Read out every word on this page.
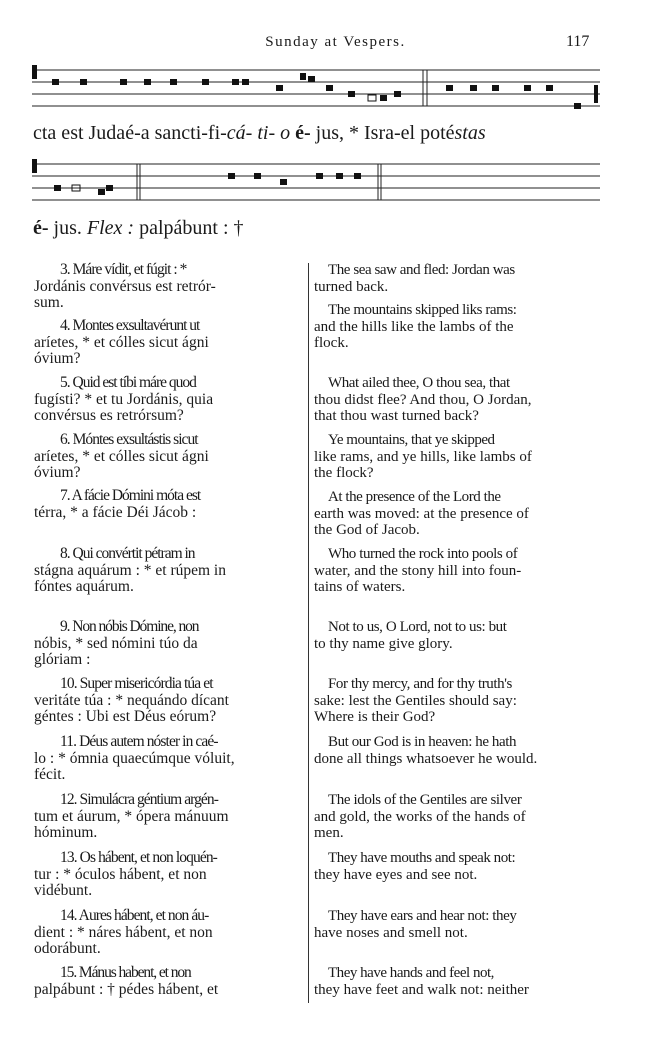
Sunday at Vespers.	117
cta est Judaé-a sancti-fi-cá- ti- o é- jus, * Isra-el potéstas
é- jus. Flex : palpábunt : †
3. Máre vídit, et fúgit : *
Jordánis convérsus est retrór-
sum.
4. Montes exsultavérunt ut
aríetes, * et cólles sicut ágni
óvium?
5. Quid est tíbi máre quod
fugísti? * et tu Jordánis, quia
convérsus es retrórsum?
6. Móntes exsultástis sicut
aríetes, * et cólles sicut ágni
óvium?
7. A fácie Dómini móta est
térra, * a fácie Déi Jácob :
8. Qui convértit pétram in
stágna aquárum : * et rúpem in
fóntes aquárum.
9. Non nóbis Dómine, non
nóbis, * sed nómini túo da
glóriam :
10. Super misericórdia túa et
veritáte túa : * nequándo dícant
géntes : Ubi est Déus eórum?
11. Déus autem nóster in caé-
lo : * ómnia quaecúmque vóluit,
fécit.
12. Simulácra géntium argén-
tum et áurum, * ópera mánuum
hóminum.
13. Os hábent, et non loquén-
tur : * óculos hábent, et non
vidébunt.
14. Aures hábent, et non áu-
dient : * náres hábent, et non
odorábunt.
15. Mánus habent, et non
palpábunt : † pédes hábent, et
The sea saw and fled: Jordan was
turned back.
The mountains skipped liks rams:
and the hills like the lambs of the
flock.
What ailed thee, O thou sea, that
thou didst flee? And thou, O Jordan,
that thou wast turned back?
Ye mountains, that ye skipped
like rams, and ye hills, like lambs of
the flock?
At the presence of the Lord the
earth was moved: at the presence of
the God of Jacob.
Who turned the rock into pools of
water, and the stony hill into foun-
tains of waters.
Not to us, O Lord, not to us: but
to thy name give glory.
For thy mercy, and for thy truth's
sake: lest the Gentiles should say:
Where is their God?
But our God is in heaven: he hath
done all things whatsoever he would.
The idols of the Gentiles are silver
and gold, the works of the hands of
men.
They have mouths and speak not:
they have eyes and see not.
They have ears and hear not: they
have noses and smell not.
They have hands and feel not,
they have feet and walk not: neither
